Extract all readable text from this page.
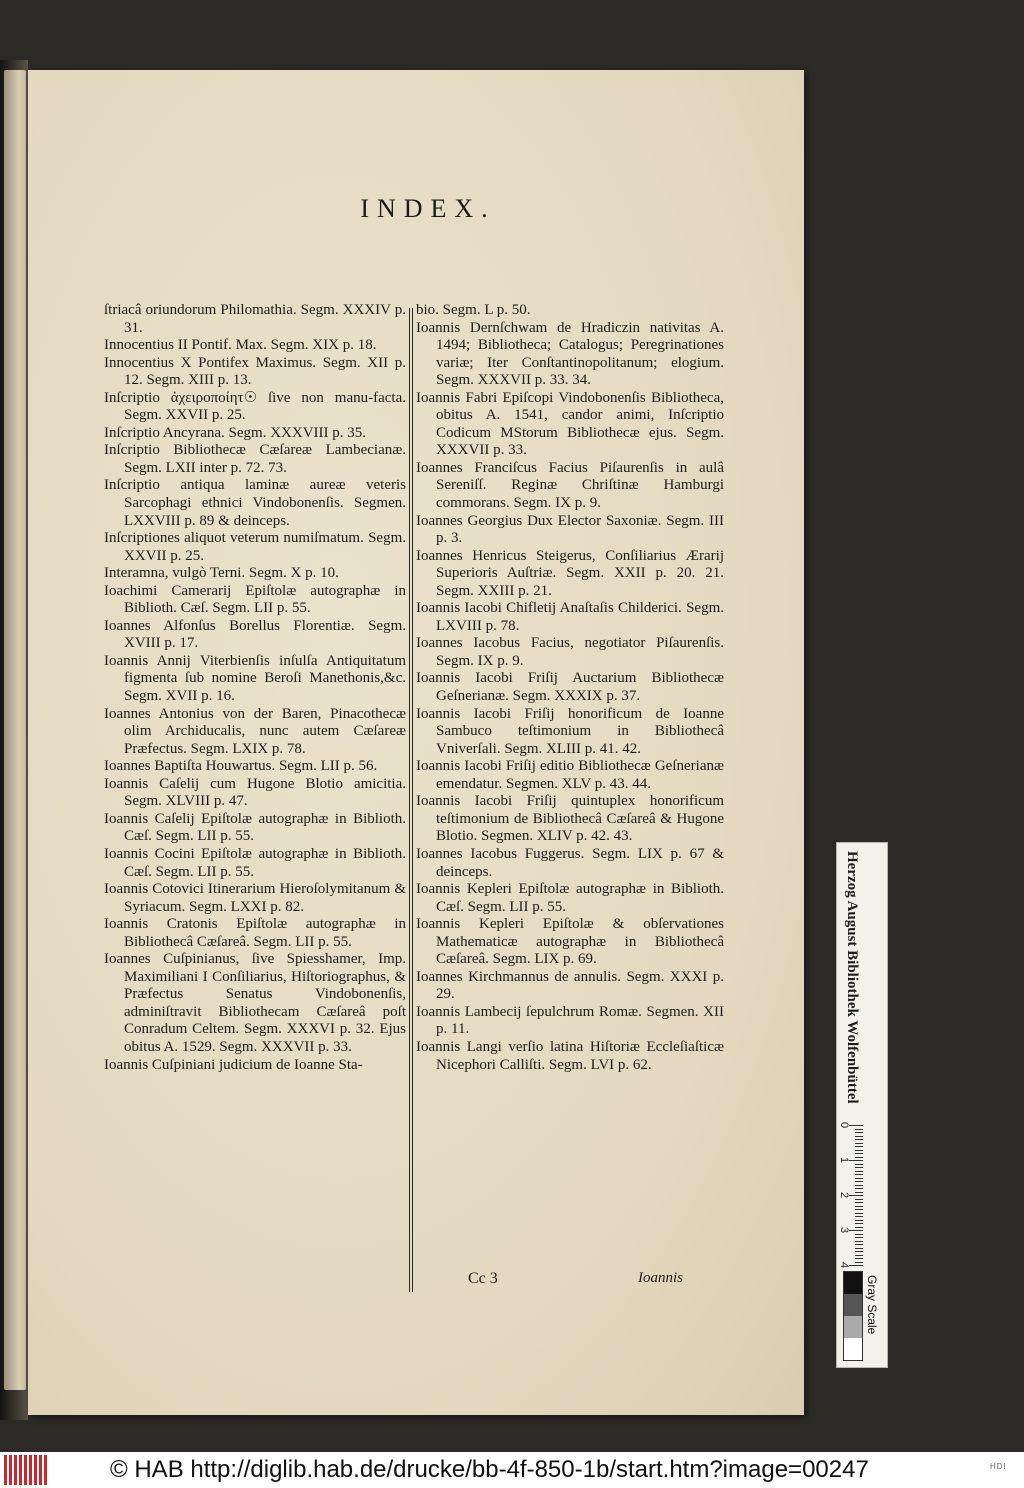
INDEX.

ſtriacâ oriundorum Philomathia. Segm. XXXIV p. 31.

Innocentius II Pontif. Max. Segm. XIX p. 18.

Innocentius X Pontifex Maximus. Segm. XII p. 12. Segm. XIII p. 13.

Inſcriptio ἀχειροποίητ☉ ſive non manu-facta. Segm. XXVII p. 25.

Inſcriptio Ancyrana. Segm. XXXVIII p. 35.

Inſcriptio Bibliothecæ Cæſareæ Lambecianæ. Segm. LXII inter p. 72. 73.

Inſcriptio antiqua laminæ aureæ veteris Sarcophagi ethnici Vindobonenſis. Segmen. LXXVIII p. 89 & deinceps.

Inſcriptiones aliquot veterum numiſmatum. Segm. XXVII p. 25.

Interamna, vulgò Terni. Segm. X p. 10.

Ioachimi Camerarij Epiſtolæ autographæ in Biblioth. Cæſ. Segm. LII p. 55.

Ioannes Alfonſus Borellus Florentiæ. Segm. XVIII p. 17.

Ioannis Annij Viterbienſis inſulſa Antiquitatum figmenta ſub nomine Beroſi Manethonis,&c. Segm. XVII p. 16.

Ioannes Antonius von der Baren, Pinacothecæ olim Archiducalis, nunc autem Cæſareæ Præfectus. Segm. LXIX p. 78.

Ioannes Baptiſta Houwartus. Segm. LII p. 56.

Ioannis Caſelij cum Hugone Blotio amicitia. Segm. XLVIII p. 47.

Ioannis Caſelij Epiſtolæ autographæ in Biblioth. Cæſ. Segm. LII p. 55.

Ioannis Cocini Epiſtolæ autographæ in Biblioth. Cæſ. Segm. LII p. 55.

Ioannis Cotovici Itinerarium Hieroſolymitanum & Syriacum. Segm. LXXI p. 82.

Ioannis Cratonis Epiſtolæ autographæ in Bibliothecâ Cæſareâ. Segm. LII p. 55.

Ioannes Cuſpinianus, ſive Spiesshamer, Imp. Maximiliani I Conſiliarius, Hiſtoriographus, & Præfectus Senatus Vindobonenſis, adminiſtravit Bibliothecam Cæſareâ poſt Conradum Celtem. Segm. XXXVI p. 32. Ejus obitus A. 1529. Segm. XXXVII p. 33.

Ioannis Cuſpiniani judicium de Ioanne Sta-

bio. Segm. L p. 50.

Ioannis Dernſchwam de Hradiczin nativitas A. 1494; Bibliotheca; Catalogus; Peregrinationes variæ; Iter Conſtantinopolitanum; elogium. Segm. XXXVII p. 33. 34.

Ioannis Fabri Epiſcopi Vindobonenſis Bibliotheca, obitus A. 1541, candor animi, Inſcriptio Codicum MStorum Bibliothecæ ejus. Segm. XXXVII p. 33.

Ioannes Franciſcus Facius Piſaurenſis in aulâ Sereniſſ. Reginæ Chriſtinæ Hamburgi commorans. Segm. IX p. 9.

Ioannes Georgius Dux Elector Saxoniæ. Segm. III p. 3.

Ioannes Henricus Steigerus, Conſiliarius Ærarij Superioris Auſtriæ. Segm. XXII p. 20. 21. Segm. XXIII p. 21.

Ioannis Iacobi Chifletij Anaſtaſis Childerici. Segm. LXVIII p. 78.

Ioannes Iacobus Facius, negotiator Piſaurenſis. Segm. IX p. 9.

Ioannis Iacobi Friſij Auctarium Bibliothecæ Geſnerianæ. Segm. XXXIX p. 37.

Ioannis Iacobi Friſij honorificum de Ioanne Sambuco teſtimonium in Bibliothecâ Vniverſali. Segm. XLIII p. 41. 42.

Ioannis Iacobi Friſij editio Bibliothecæ Geſnerianæ emendatur. Segmen. XLV p. 43. 44.

Ioannis Iacobi Friſij quintuplex honorificum teſtimonium de Bibliothecâ Cæſareâ & Hugone Blotio. Segmen. XLIV p. 42. 43.

Ioannes Iacobus Fuggerus. Segm. LIX p. 67 & deinceps.

Ioannis Kepleri Epiſtolæ autographæ in Biblioth. Cæſ. Segm. LII p. 55.

Ioannis Kepleri Epiſtolæ & obſervationes Mathematicæ autographæ in Bibliothecâ Cæſareâ. Segm. LIX p. 69.

Ioannes Kirchmannus de annulis. Segm. XXXI p. 29.

Ioannis Lambecij ſepulchrum Romæ. Segmen. XII p. 11.

Ioannis Langi verſio latina Hiſtoriæ Eccleſiaſticæ Nicephori Calliſti. Segm. LVI p. 62.

Cc 3	Ioannis
Herzog August Bibliothek Wolfenbüttel
0
1
2
3
4
Gray Scale
© HAB http://diglib.hab.de/drucke/bb-4f-850-1b/start.htm?image=00247	HDI
